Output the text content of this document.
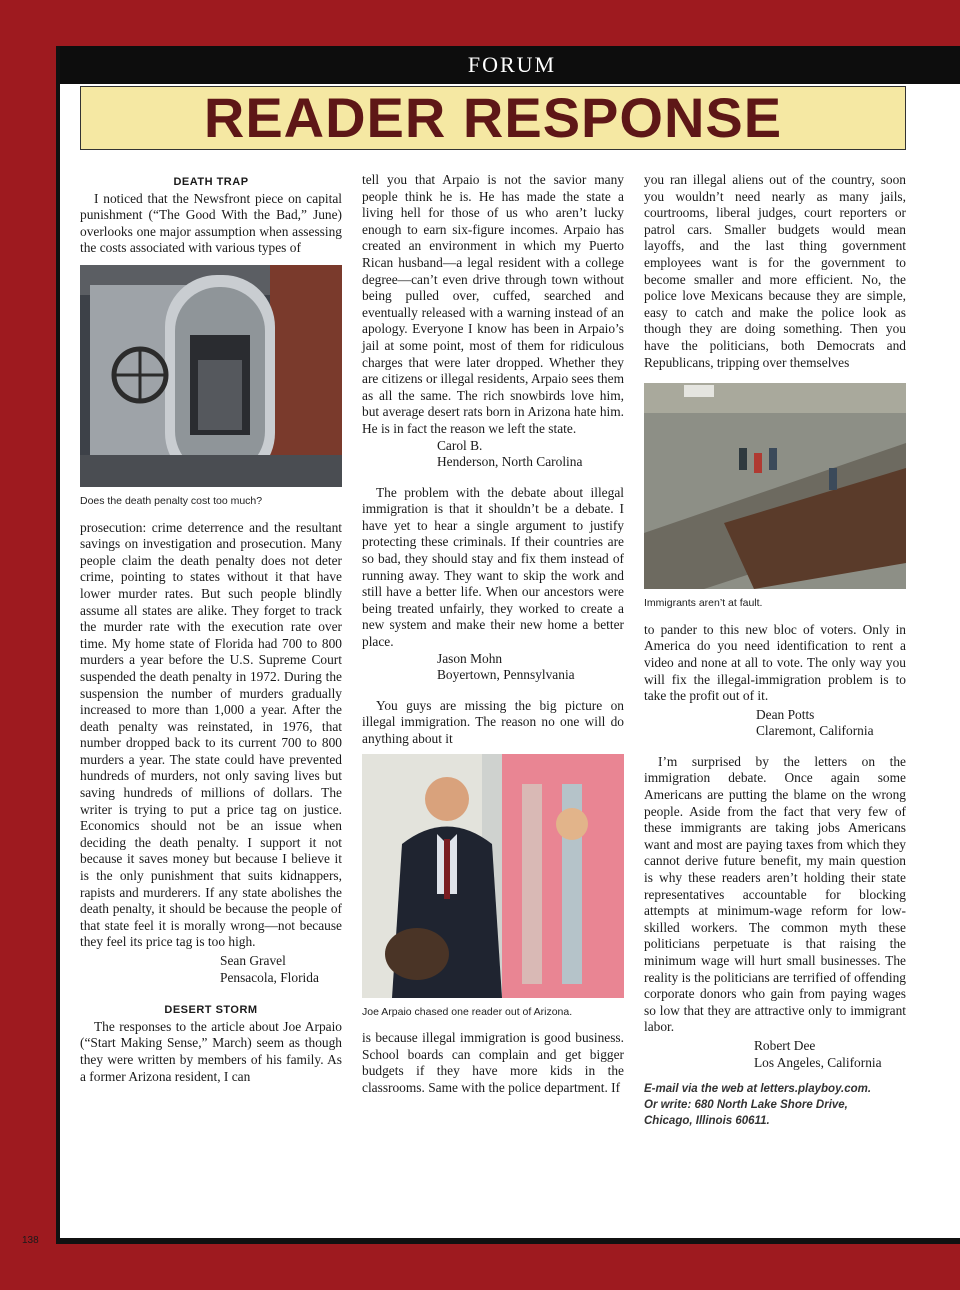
FORUM
READER RESPONSE
DEATH TRAP

I noticed that the Newsfront piece on capital punishment (“The Good With the Bad,” June) overlooks one major assumption when assessing the costs associated with various types of

Does the death penalty cost too much?

prosecution: crime deterrence and the resultant savings on investigation and prosecution. Many people claim the death penalty does not deter crime, pointing to states without it that have lower murder rates. But such people blindly assume all states are alike. They forget to track the murder rate with the execution rate over time. My home state of Florida had 700 to 800 murders a year before the U.S. Supreme Court suspended the death penalty in 1972. During the suspension the number of murders gradually increased to more than 1,000 a year. After the death penalty was reinstated, in 1976, that number dropped back to its current 700 to 800 murders a year. The state could have prevented hundreds of murders, not only saving lives but saving hundreds of millions of dollars. The writer is trying to put a price tag on justice. Economics should not be an issue when deciding the death penalty. I support it not because it saves money but because I believe it is the only punishment that suits kidnappers, rapists and murderers. If any state abolishes the death penalty, it should be because the people of that state feel it is morally wrong—not because they feel its price tag is too high.

Sean Gravel

Pensacola, Florida

DESERT STORM

The responses to the article about Joe Arpaio (“Start Making Sense,” March) seem as though they were written by members of his family. As a former Arizona resident, I can

tell you that Arpaio is not the savior many people think he is. He has made the state a living hell for those of us who aren’t lucky enough to earn six-figure incomes. Arpaio has created an environment in which my Puerto Rican husband—a legal resident with a college degree—can’t even drive through town without being pulled over, cuffed, searched and eventually released with a warning instead of an apology. Everyone I know has been in Arpaio’s jail at some point, most of them for ridiculous charges that were later dropped. Whether they are citizens or illegal residents, Arpaio sees them as all the same. The rich snowbirds love him, but average desert rats born in Arizona hate him. He is in fact the reason we left the state.

Carol B.

Henderson, North Carolina

The problem with the debate about illegal immigration is that it shouldn’t be a debate. I have yet to hear a single argument to justify protecting these criminals. If their countries are so bad, they should stay and fix them instead of running away. They want to skip the work and still have a better life. When our ancestors were being treated unfairly, they worked to create a new system and make their new home a better place.

Jason Mohn

Boyertown, Pennsylvania

You guys are missing the big picture on illegal immigration. The reason no one will do anything about it

Joe Arpaio chased one reader out of Arizona.

is because illegal immigration is good business. School boards can complain and get bigger budgets if they have more kids in the classrooms. Same with the police department. If

you ran illegal aliens out of the country, soon you wouldn’t need nearly as many jails, courtrooms, liberal judges, court reporters or patrol cars. Smaller budgets would mean layoffs, and the last thing government employees want is for the government to become smaller and more efficient. No, the police love Mexicans because they are simple, easy to catch and make the police look as though they are doing something. Then you have the politicians, both Democrats and Republicans, tripping over themselves

Immigrants aren’t at fault.

to pander to this new bloc of voters. Only in America do you need identification to rent a video and none at all to vote. The only way you will fix the illegal-immigration problem is to take the profit out of it.

Dean Potts

Claremont, California

I’m surprised by the letters on the immigration debate. Once again some Americans are putting the blame on the wrong people. Aside from the fact that very few of these immigrants are taking jobs Americans want and most are paying taxes from which they cannot derive future benefit, my main question is why these readers aren’t holding their state representatives accountable for blocking attempts at minimum-wage reform for low-skilled workers. The common myth these politicians perpetuate is that raising the minimum wage will hurt small businesses. The reality is the politicians are terrified of offending corporate donors who gain from paying wages so low that they are attractive only to immigrant labor.

Robert Dee

Los Angeles, California

E-mail via the web at letters.playboy.com.
Or write: 680 North Lake Shore Drive,
Chicago, Illinois 60611.

138
